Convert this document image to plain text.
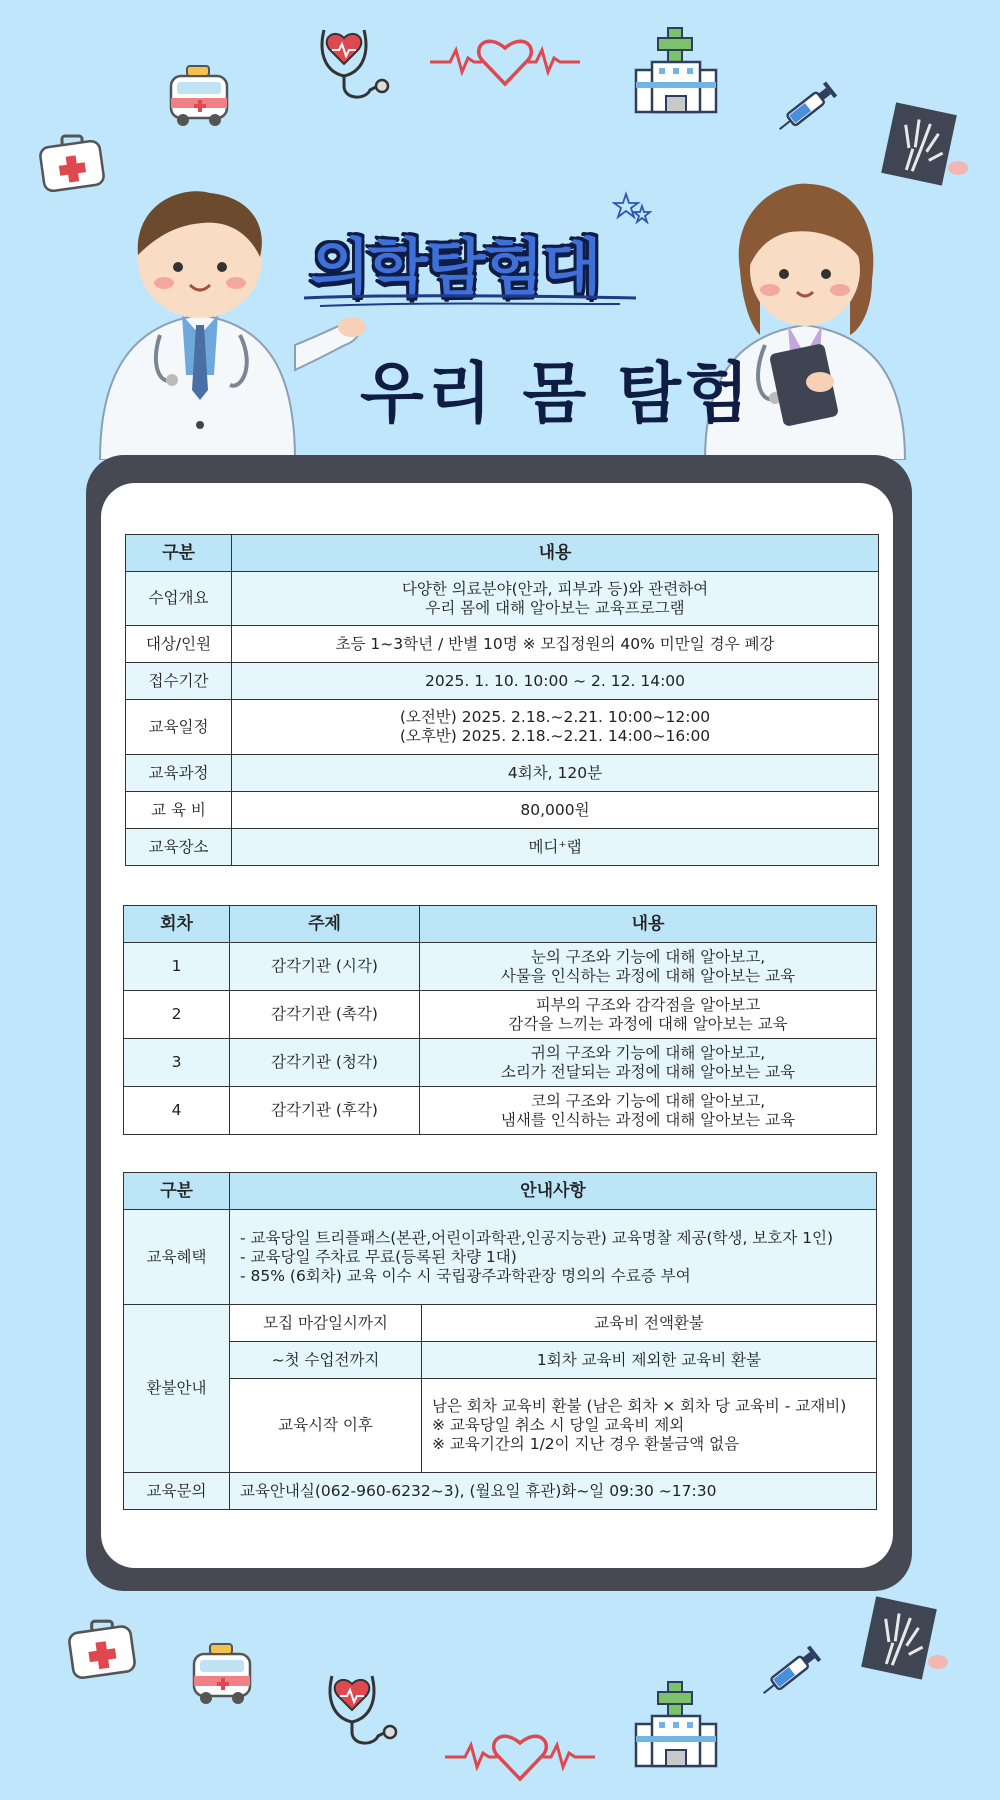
의학탐험대
우리 몸 탐험
구분	내용
수업개요	다양한 의료분야(안과, 피부과 등)와 관련하여
우리 몸에 대해 알아보는 교육프로그램

대상/인원	초등 1~3학년 / 반별 10명 ※ 모집정원의 40% 미만일 경우 폐강
접수기간	2025. 1. 10. 10:00 ~ 2. 12. 14:00
교육일정	(오전반) 2025. 2.18.~2.21. 10:00~12:00
(오후반) 2025. 2.18.~2.21. 14:00~16:00

교육과정	4회차, 120분
교 육 비	80,000원
교육장소	메디⁺랩
회차	주제	내용
1	감각기관 (시각)	눈의 구조와 기능에 대해 알아보고,
사물을 인식하는 과정에 대해 알아보는 교육

2	감각기관 (촉각)	피부의 구조와 감각점을 알아보고
감각을 느끼는 과정에 대해 알아보는 교육

3	감각기관 (청각)	귀의 구조와 기능에 대해 알아보고,
소리가 전달되는 과정에 대해 알아보는 교육

4	감각기관 (후각)	코의 구조와 기능에 대해 알아보고,
냄새를 인식하는 과정에 대해 알아보는 교육
구분	안내사항	
교육혜택	- 교육당일 트리플패스(본관,어린이과학관,인공지능관) 교육명찰 제공(학생, 보호자 1인)
- 교육당일 주차료 무료(등록된 차량 1대)
- 85% (6회차) 교육 이수 시 국립광주과학관장 명의의 수료증 부여	

환불안내	모집 마감일시까지	교육비 전액환불
	~첫 수업전까지	1회차 교육비 제외한 교육비 환불
	교육시작 이후	남은 회차 교육비 환불 (남은 회차 × 회차 당 교육비 - 교재비)
※ 교육당일 취소 시 당일 교육비 제외
※ 교육기간의 1/2이 지난 경우 환불금액 없음

교육문의	교육안내실(062-960-6232~3), (월요일 휴관)화~일 09:30 ~17:30	
